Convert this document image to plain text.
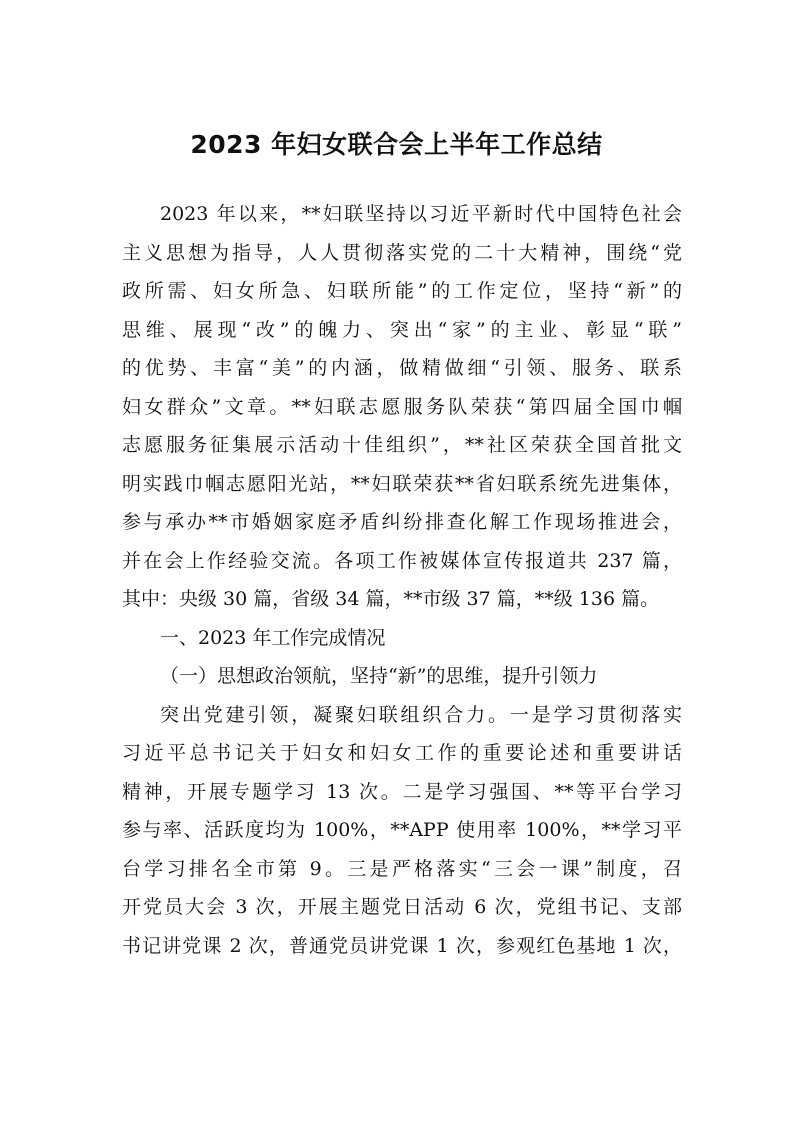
2023 年妇女联合会上半年工作总结
2023 年以来，**妇联坚持以习近平新时代中国特色社会
主义思想为指导，人人贯彻落实党的二十大精神，围绕“党
政所需、妇女所急、妇联所能”的工作定位，坚持“新”的
思维、展现“改”的魄力、突出“家”的主业、彰显“联”
的优势、丰富“美”的内涵，做精做细“引领、服务、联系
妇女群众”文章。**妇联志愿服务队荣获“第四届全国巾帼
志愿服务征集展示活动十佳组织”，**社区荣获全国首批文
明实践巾帼志愿阳光站，**妇联荣获**省妇联系统先进集体，
参与承办**市婚姻家庭矛盾纠纷排查化解工作现场推进会，
并在会上作经验交流。各项工作被媒体宣传报道共 237 篇，
其中：央级 30 篇，省级 34 篇，**市级 37 篇，**级 136 篇。
一、2023 年工作完成情况
（一）思想政治领航，坚持“新”的思维，提升引领力
突出党建引领，凝聚妇联组织合力。一是学习贯彻落实
习近平总书记关于妇女和妇女工作的重要论述和重要讲话
精神，开展专题学习 13 次。二是学习强国、**等平台学习
参与率、活跃度均为 100%，**APP 使用率 100%，**学习平
台学习排名全市第 9。三是严格落实“三会一课”制度，召
开党员大会 3 次，开展主题党日活动 6 次，党组书记、支部
书记讲党课 2 次，普通党员讲党课 1 次，参观红色基地 1 次，
